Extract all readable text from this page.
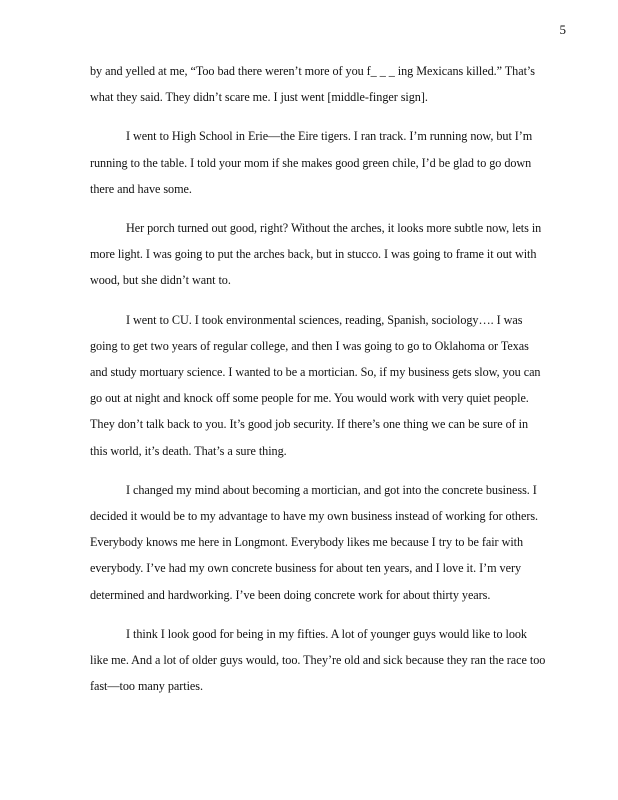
5

by and yelled at me, “Too bad there weren’t more of you f_ _ _ ing Mexicans killed.” That’s what they said. They didn’t scare me. I just went [middle-finger sign].

I went to High School in Erie—the Eire tigers. I ran track. I’m running now, but I’m running to the table. I told your mom if she makes good green chile, I’d be glad to go down there and have some.

Her porch turned out good, right? Without the arches, it looks more subtle now, lets in more light. I was going to put the arches back, but in stucco. I was going to frame it out with wood, but she didn’t want to.

I went to CU. I took environmental sciences, reading, Spanish, sociology…. I was going to get two years of regular college, and then I was going to go to Oklahoma or Texas and study mortuary science. I wanted to be a mortician. So, if my business gets slow, you can go out at night and knock off some people for me. You would work with very quiet people. They don’t talk back to you. It’s good job security. If there’s one thing we can be sure of in this world, it’s death. That’s a sure thing.

I changed my mind about becoming a mortician, and got into the concrete business. I decided it would be to my advantage to have my own business instead of working for others. Everybody knows me here in Longmont. Everybody likes me because I try to be fair with everybody. I’ve had my own concrete business for about ten years, and I love it. I’m very determined and hardworking. I’ve been doing concrete work for about thirty years.

I think I look good for being in my fifties. A lot of younger guys would like to look like me. And a lot of older guys would, too. They’re old and sick because they ran the race too fast—too many parties.
